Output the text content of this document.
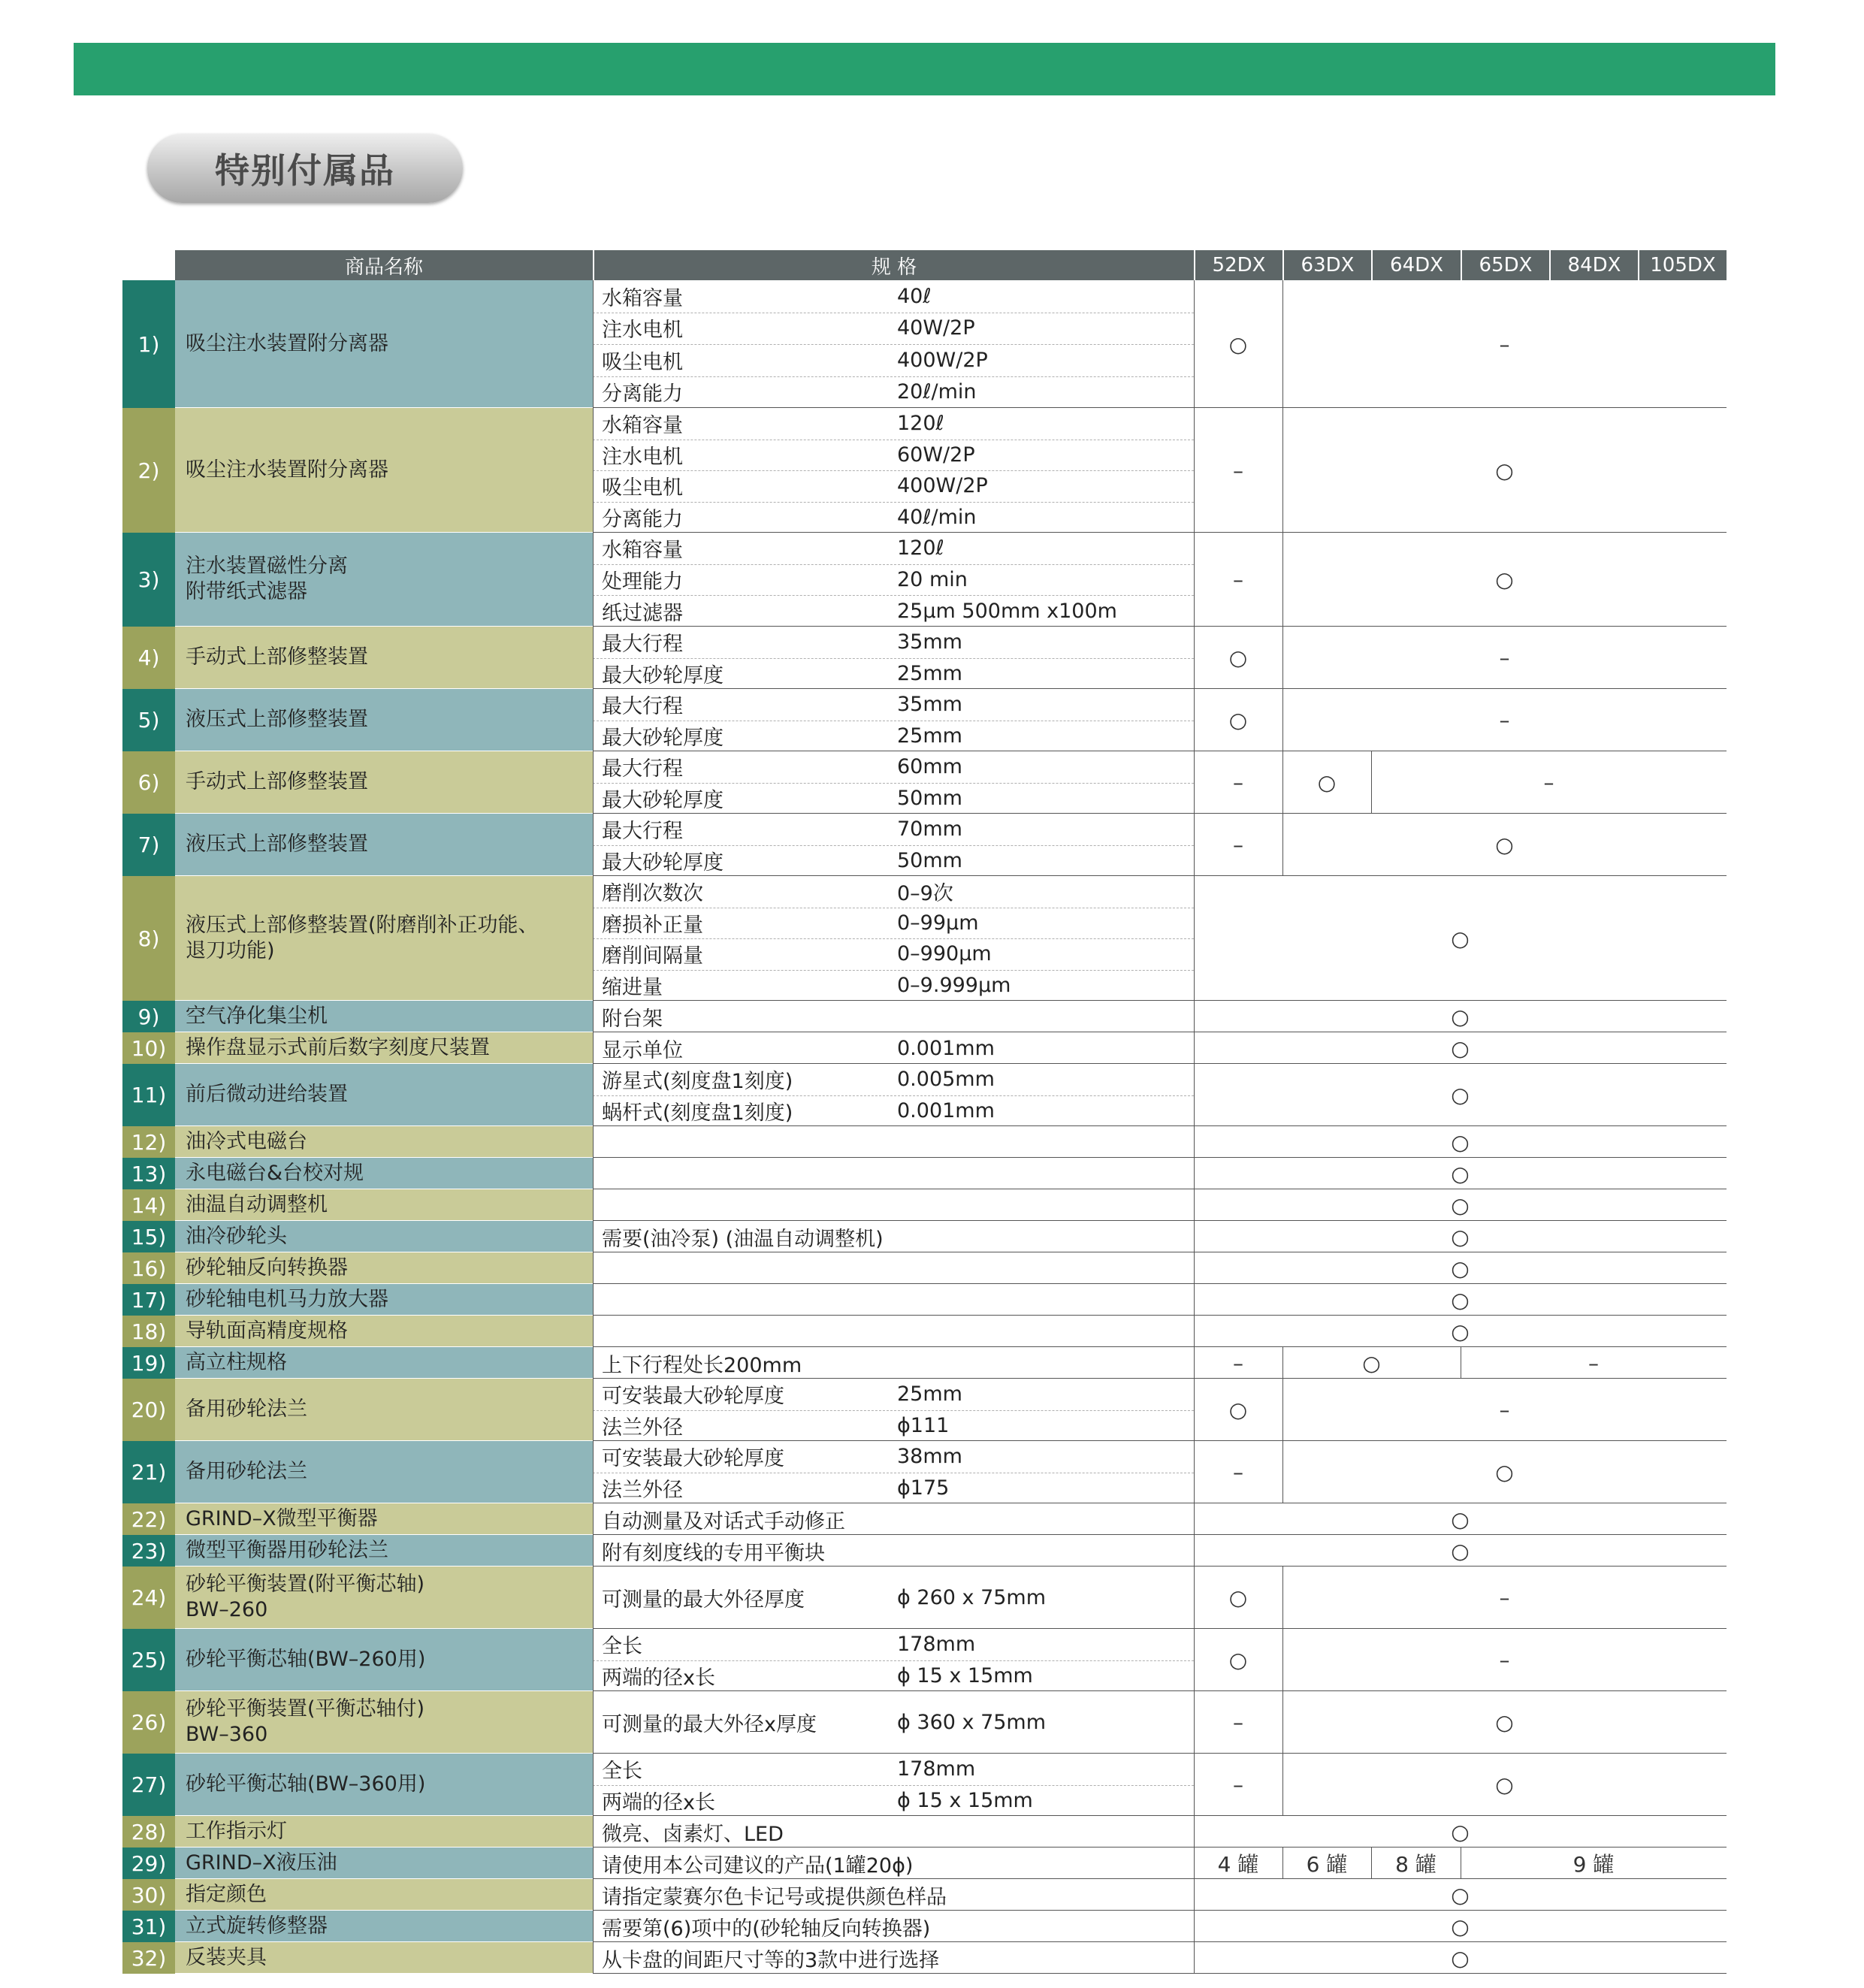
特别付属品
商品名称	规 格	52DX	63DX	64DX	65DX	84DX	105DX
1)	吸尘注水装置附分离器
水箱容量	40ℓ
注水电机	40W/2P
吸尘电机	400W/2P
分离能力	20ℓ/min
○	–
2)	吸尘注水装置附分离器
水箱容量	120ℓ
注水电机	60W/2P
吸尘电机	400W/2P
分离能力	40ℓ/min
–	○
3)
注水装置磁性分离
附带纸式滤器
水箱容量	120ℓ
处理能力	20 min
纸过滤器	25μm 500mm x100m
–	○
4)	手动式上部修整装置
最大行程	35mm
最大砂轮厚度	25mm
○	–
5)	液压式上部修整装置
最大行程	35mm
最大砂轮厚度	25mm
○	–
6)	手动式上部修整装置
最大行程	60mm
最大砂轮厚度	50mm
–	○	–
7)	液压式上部修整装置
最大行程	70mm
最大砂轮厚度	50mm
–	○
8)
液压式上部修整装置(附磨削补正功能、
退刀功能)
磨削次数次	0–9次
磨损补正量	0–99μm
磨削间隔量	0–990μm
缩进量	0–9.999μm
○
9)	空气净化集尘机	附台架	○
10) 操作盘显示式前后数字刻度尺装置	显示单位	0.001mm	○
11) 前后微动进给装置
游星式(刻度盘1刻度)	0.005mm
蜗杆式(刻度盘1刻度)	0.001mm
○
12) 油冷式电磁台	○
13) 永电磁台&台校对规	○
14) 油温自动调整机	○
15) 油冷砂轮头	需要(油冷泵) (油温自动调整机)	○
16) 砂轮轴反向转换器	○
17) 砂轮轴电机马力放大器	○
18) 导轨面高精度规格	○
19) 高立柱规格	上下行程处长200mm	–	○	–
20) 备用砂轮法兰
可安装最大砂轮厚度	25mm
法兰外径	ϕ111
○	–
21) 备用砂轮法兰
可安装最大砂轮厚度	38mm
法兰外径	ϕ175
–	○
22) GRIND–X微型平衡器	自动测量及对话式手动修正	○
23) 微型平衡器用砂轮法兰	附有刻度线的专用平衡块	○
24)
砂轮平衡装置(附平衡芯轴)
BW–260	可测量的最大外径厚度	ϕ 260 x 75mm	○	–
25) 砂轮平衡芯轴(BW–260用)
全长	178mm
两端的径x长	ϕ 15 x 15mm
○	–
26)
砂轮平衡装置(平衡芯轴付)
BW–360	可测量的最大外径x厚度	ϕ 360 x 75mm	–	○
27) 砂轮平衡芯轴(BW–360用)
全长	178mm
两端的径x长	ϕ 15 x 15mm
–	○
28) 工作指示灯	微亮、卤素灯、LED	○
29) GRIND–X液压油	请使用本公司建议的产品(1罐20ϕ)	4 罐	6 罐	8 罐	9 罐
30) 指定颜色	请指定蒙赛尔色卡记号或提供颜色样品	○
31) 立式旋转修整器	需要第(6)项中的(砂轮轴反向转换器)	○
32) 反装夹具	从卡盘的间距尺寸等的3款中进行选择	○
